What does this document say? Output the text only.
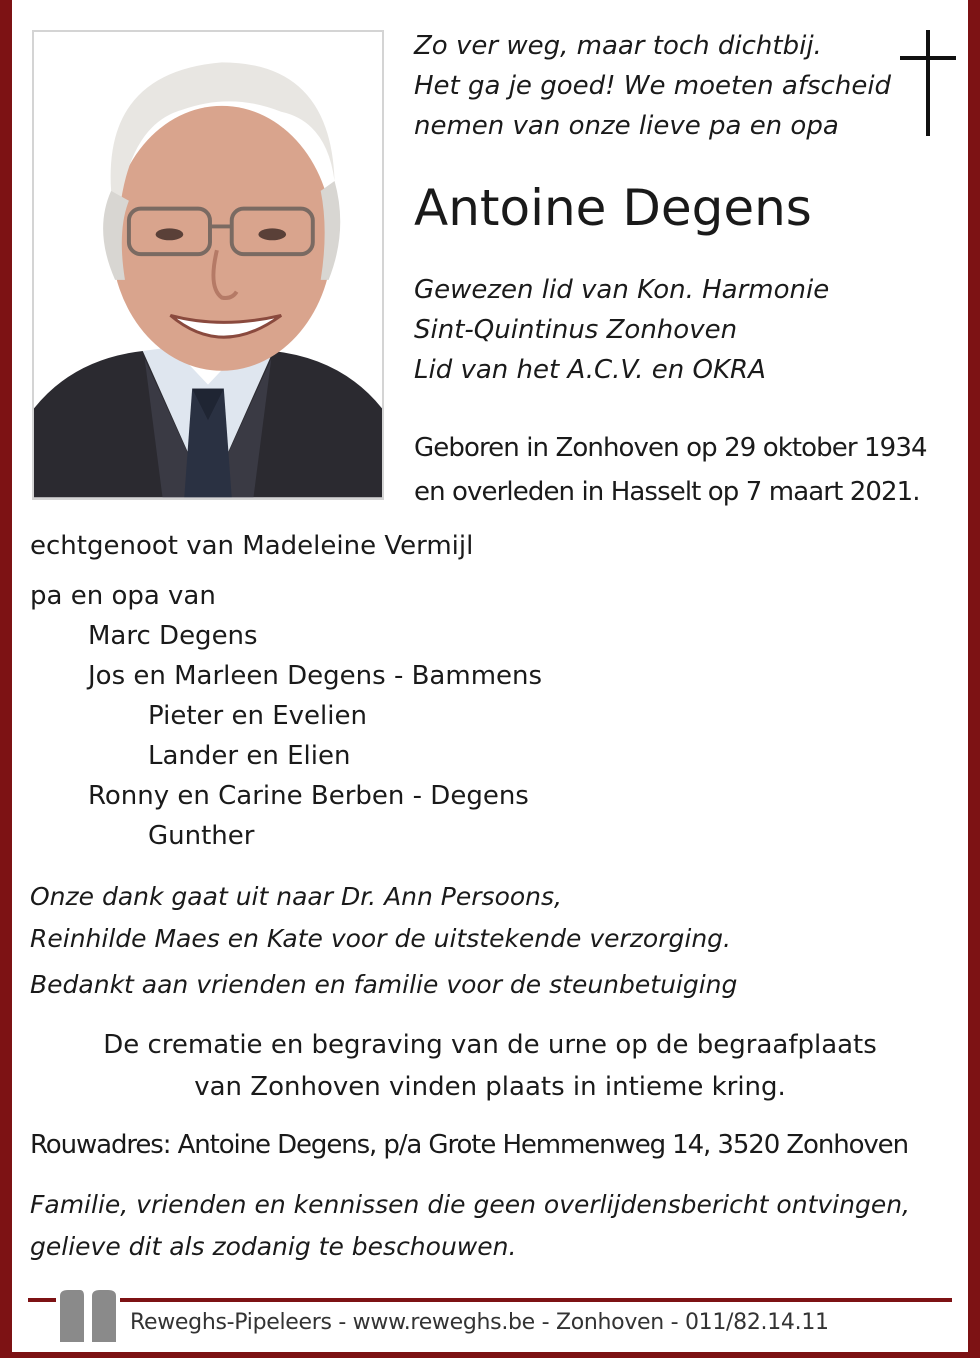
Zo ver weg, maar toch dichtbij.
Het ga je goed! We moeten afscheid
nemen van onze lieve pa en opa

Antoine Degens

Gewezen lid van Kon. Harmonie
Sint-Quintinus Zonhoven
Lid van het A.C.V. en OKRA

Geboren in Zonhoven op 29 oktober 1934
en overleden in Hasselt op 7 maart 2021.

echtgenoot van Madeleine Vermijl

pa en opa van
Marc Degens
Jos en Marleen Degens - Bammens
Pieter en Evelien
Lander en Elien
Ronny en Carine Berben - Degens
Gunther

Onze dank gaat uit naar Dr. Ann Persoons,
Reinhilde Maes en Kate voor de uitstekende verzorging.

Bedankt aan vrienden en familie voor de steunbetuiging

De crematie en begraving van de urne op de begraafplaats
van Zonhoven vinden plaats in intieme kring.

Rouwadres: Antoine Degens, p/a Grote Hemmenweg 14, 3520 Zonhoven

Familie, vrienden en kennissen die geen overlijdensbericht ontvingen,
gelieve dit als zodanig te beschouwen.

Reweghs-Pipeleers - www.reweghs.be - Zonhoven - 011/82.14.11
